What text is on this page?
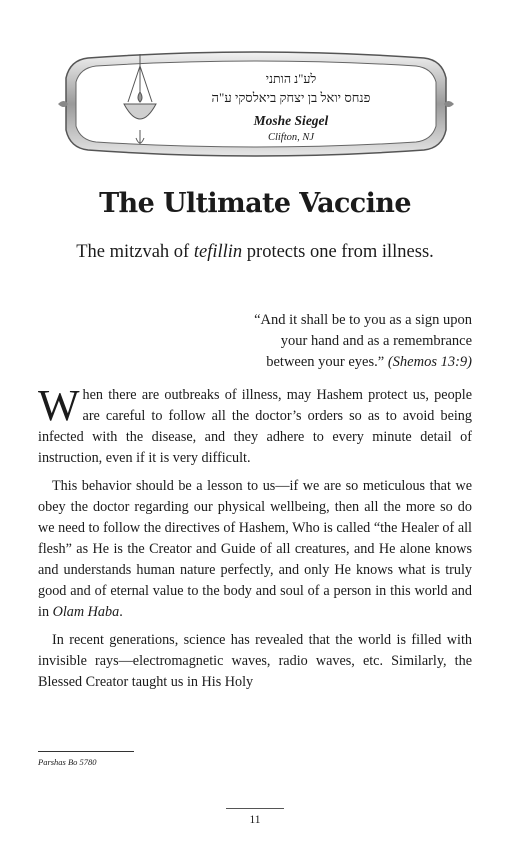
לע"נ הותני
פנחס יואל בן יצחק ביאלסקי ע"ה
Moshe Siegel
Clifton, NJ
The Ultimate Vaccine
The mitzvah of tefillin protects one from illness.
“And it shall be to you as a sign upon
your hand and as a remembrance
between your eyes.” (Shemos 13:9)

When there are outbreaks of illness, may Hashem protect us, people are careful to follow all the doctor’s orders so as to avoid being infected with the disease, and they adhere to every minute detail of instruction, even if it is very difficult.

This behavior should be a lesson to us—if we are so meticulous that we obey the doctor regarding our physical wellbeing, then all the more so do we need to follow the directives of Hashem, Who is called “the Healer of all flesh” as He is the Creator and Guide of all creatures, and He alone knows and understands human nature perfectly, and only He knows what is truly good and of eternal value to the body and soul of a person in this world and in Olam Haba.

In recent generations, science has revealed that the world is filled with invisible rays—electromagnetic waves, radio waves, etc. Similarly, the Blessed Creator taught us in His Holy

Parshas Bo 5780
11
